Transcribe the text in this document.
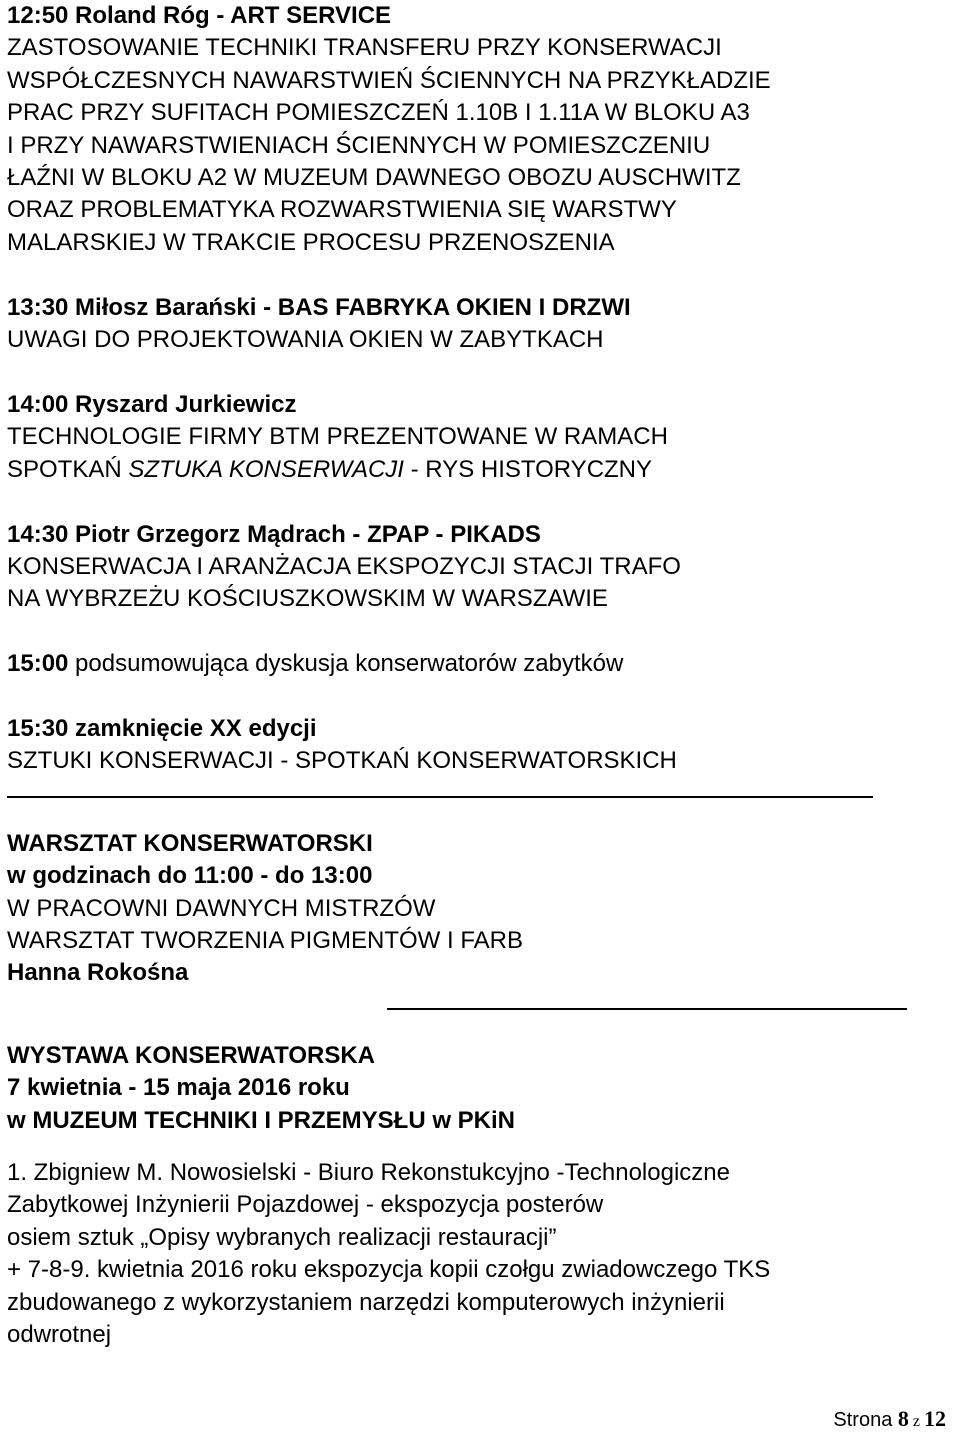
12:50 Roland Róg - ART SERVICE
ZASTOSOWANIE TECHNIKI TRANSFERU PRZY KONSERWACJI
WSPÓŁCZESNYCH NAWARSTWIEŃ ŚCIENNYCH NA PRZYKŁADZIE
PRAC PRZY SUFITACH POMIESZCZEŃ 1.10B I 1.11A W BLOKU A3
I PRZY NAWARSTWIENIACH ŚCIENNYCH W POMIESZCZENIU
ŁAŹNI W BLOKU A2 W MUZEUM DAWNEGO OBOZU AUSCHWITZ
ORAZ PROBLEMATYKA ROZWARSTWIENIA SIĘ WARSTWY
MALARSKIEJ W TRAKCIE PROCESU PRZENOSZENIA

13:30 Miłosz Barański - BAS FABRYKA OKIEN I DRZWI
UWAGI DO PROJEKTOWANIA OKIEN W ZABYTKACH

14:00 Ryszard Jurkiewicz
TECHNOLOGIE FIRMY BTM PREZENTOWANE W RAMACH
SPOTKAŃ SZTUKA KONSERWACJI - RYS HISTORYCZNY

14:30 Piotr Grzegorz Mądrach - ZPAP - PIKADS
KONSERWACJA I ARANŻACJA EKSPOZYCJI STACJI TRAFO
NA WYBRZEŻU KOŚCIUSZKOWSKIM W WARSZAWIE

15:00 podsumowująca dyskusja konserwatorów zabytków

15:30 zamknięcie XX edycji
SZTUKI KONSERWACJI - SPOTKAŃ KONSERWATORSKICH
WARSZTAT KONSERWATORSKI
w godzinach do 11:00 - do 13:00
W PRACOWNI DAWNYCH MISTRZÓW
WARSZTAT TWORZENIA PIGMENTÓW I FARB
Hanna Rokośna
WYSTAWA KONSERWATORSKA
7 kwietnia - 15 maja 2016 roku
w MUZEUM TECHNIKI I PRZEMYSŁU w PKiN
1. Zbigniew M. Nowosielski - Biuro Rekonstukcyjno -Technologiczne
Zabytkowej Inżynierii Pojazdowej - ekspozycja posterów
osiem sztuk „Opisy wybranych realizacji restauracji”
+ 7-8-9. kwietnia 2016 roku ekspozycja kopii czołgu zwiadowczego TKS
zbudowanego z wykorzystaniem narzędzi komputerowych inżynierii
odwrotnej
Strona 8 z 12
